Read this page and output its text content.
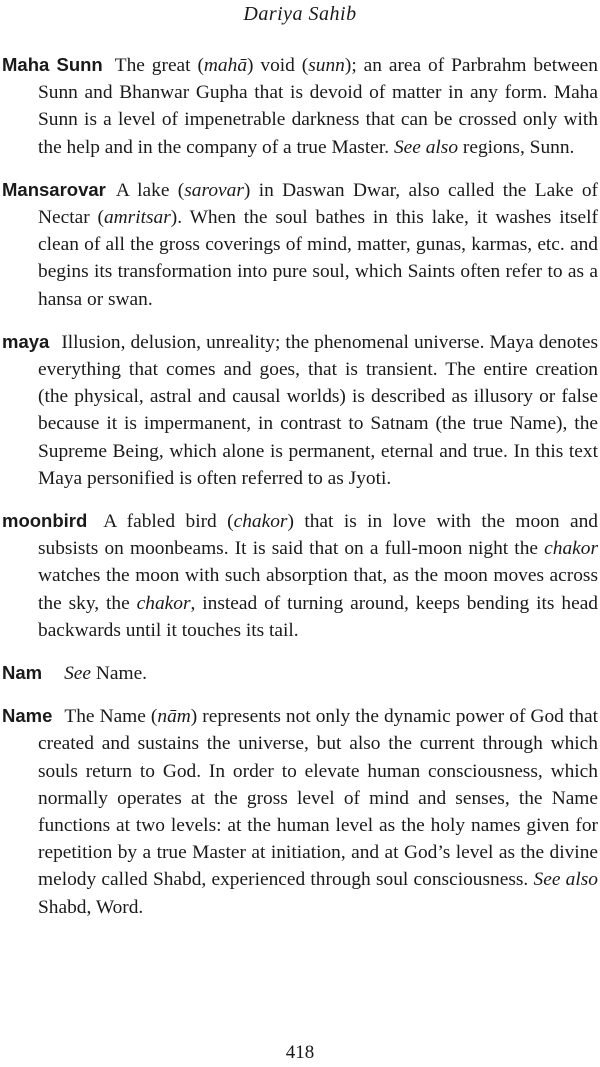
Dariya Sahib

Maha Sunn The great (mahā) void (sunn); an area of Parbrahm between Sunn and Bhanwar Gupha that is devoid of matter in any form. Maha Sunn is a level of impenetrable darkness that can be crossed only with the help and in the company of a true Master. See also regions, Sunn.

Mansarovar A lake (sarovar) in Daswan Dwar, also called the Lake of Nectar (amritsar). When the soul bathes in this lake, it washes itself clean of all the gross coverings of mind, matter, gunas, karmas, etc. and begins its transformation into pure soul, which Saints often refer to as a hansa or swan.

maya Illusion, delusion, unreality; the phenomenal universe. Maya denotes everything that comes and goes, that is transient. The entire creation (the physical, astral and causal worlds) is described as illusory or false because it is impermanent, in contrast to Satnam (the true Name), the Supreme Being, which alone is permanent, eternal and true. In this text Maya personified is often referred to as Jyoti.

moonbird A fabled bird (chakor) that is in love with the moon and subsists on moonbeams. It is said that on a full-moon night the chakor watches the moon with such absorption that, as the moon moves across the sky, the chakor, instead of turning around, keeps bending its head backwards until it touches its tail.

Nam See Name.

Name The Name (nām) represents not only the dynamic power of God that created and sustains the universe, but also the current through which souls return to God. In order to elevate human consciousness, which normally operates at the gross level of mind and senses, the Name functions at two levels: at the human level as the holy names given for repetition by a true Master at initiation, and at God’s level as the divine melody called Shabd, experienced through soul consciousness. See also Shabd, Word.

418
